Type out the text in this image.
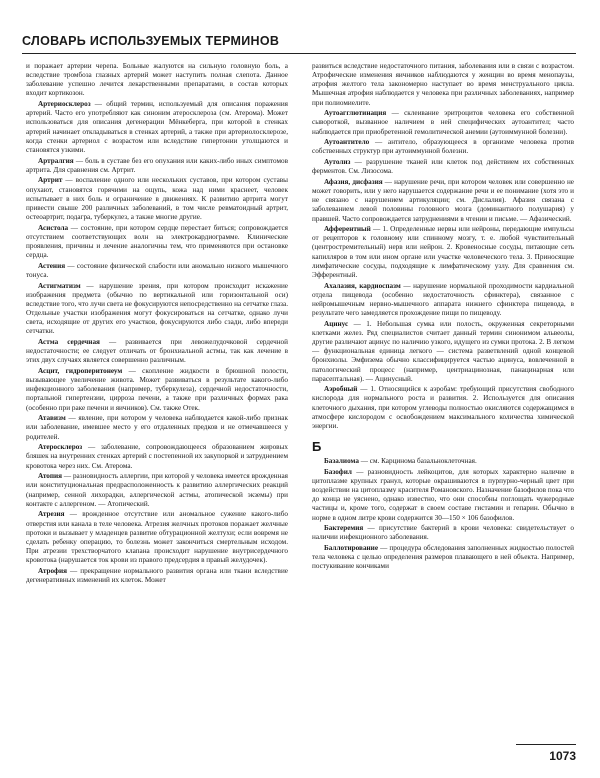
СЛОВАРЬ ИСПОЛЬЗУЕМЫХ ТЕРМИНОВ

и поражает артерии черепа. Больные жалуются на сильную головную боль, а вследствие тромбоза глазных артерий может наступить полная слепота. Данное заболевание успешно лечится лекарственными препаратами, в состав которых входит кортикозон.

Артериосклероз — общий термин, используемый для описания поражения артерий. Часто его употребляют как синоним атеросклероза (см. Атерома). Может использоваться для описания дегенерации Мёнкеберга, при которой в стенках артерий начинает откладываться в стенках артерий, а также при артериолосклерозе, когда стенки артериол с возрастом или вследствие гипертонии утолщаются и становятся узкими.

Артралгия — боль в суставе без его опухания или каких-либо иных симптомов артрита. Для сравнения см. Артрит.

Артрит — воспаление одного или нескольких суставов, при котором суставы опухают, становятся горячими на ощупь, кожа над ними краснеет, человек испытывает в них боль и ограничение в движениях. К развитию артрита могут привести свыше 200 различных заболеваний, в том числе ревматоидный артрит, остеоартрит, подагра, туберкулез, а также многие другие.

Асистола — состояние, при котором сердце перестает биться; сопровождается отсутствием соответствующих волн на электрокардиограмме. Клинические проявления, причины и лечение аналогичны тем, что применяются при остановке сердца.

Астения — состояние физической слабости или аномально низкого мышечного тонуса.

Астигматизм — нарушение зрения, при котором происходит искажение изображения предмета (обычно по вертикальной или горизонтальной оси) вследствие того, что лучи света не фокусируются непосредственно на сетчатке глаза. Отдельные участки изображения могут фокусироваться на сетчатке, однако лучи света, исходящие от других его участков, фокусируются либо сзади, либо впереди сетчатки.

Астма сердечная — развивается при левожелудочковой сердечной недостаточности; ее следует отличать от бронхиальной астмы, так как лечение в этих двух случаях является совершенно различным.

Асцит, гидроперитонеум — скопление жидкости в брюшной полости, вызывающее увеличение живота. Может развиваться в результате какого-либо инфекционного заболевания (например, туберкулеза), сердечной недостаточности, портальной гипертензии, цирроза печени, а также при различных формах рака (особенно при раке печени и яичников). См. также Отек.

Атавизм — явление, при котором у человека наблюдается какой-либо признак или заболевание, имевшее место у его отдаленных предков и не отмечавшееся у родителей.

Атеросклероз — заболевание, сопровождающееся образованием жировых бляшек на внутренних стенках артерий с постепенной их закупоркой и затруднением кровотока через них. См. Атерома.

Атопия — разновидность аллергии, при которой у человека имеется врожденная или конституциональная предрасположенность к развитию аллергических реакций (например, сенной лихорадки, аллергической астмы, атопической экземы) при контакте с аллергеном. — Атопический.

Атрезия — врожденное отсутствие или аномальное сужение какого-либо отверстия или канала в теле человека. Атрезия желчных протоков поражает желчные протоки и вызывает у младенцев развитие обтурационной желтухи; если вовремя не сделать ребенку операцию, то болезнь может закончиться смертельным исходом. При атрезии трехстворчатого клапана происходит нарушение внутрисердечного кровотока (нарушается ток крови из правого предсердия в правый желудочек).

Атрофия — прекращение нормального развития органа или ткани вследствие дегенеративных изменений их клеток. Может

развиться вследствие недостаточного питания, заболевания или в связи с возрастом. Атрофические изменения яичников наблюдаются у женщин во время менопаузы, атрофия желтого тела закономерно наступает во время менструального цикла. Мышечная атрофия наблюдается у человека при различных заболеваниях, например при полиомиелите.

Аутоагглютинация — склеивание эритроцитов человека его собственной сывороткой, вызванное наличием в ней специфических аутоантител; часто наблюдается при приобретенной гемолитической анемии (аутоиммунной болезни).

Аутоантитело — антитело, образующееся в организме человека против собственных структур при аутоиммунной болезни.

Аутолиз — разрушение тканей или клеток под действием их собственных ферментов. См. Лизосома.

Афазия, дисфазия — нарушение речи, при котором человек или совершенно не может говорить, или у него нарушается содержание речи и ее понимание (хотя это и не связано с нарушением артикуляции; см. Дислалия). Афазия связана с заболеванием левой половины головного мозга (доминантного полушария) у правшей. Часто сопровождается затруднениями в чтении и письме. — Афазический.

Афферентный — 1. Определенные нервы или нейроны, передающие импульсы от рецепторов к головному или спинному мозгу, т. е. любой чувствительный (центростремительный) нерв или нейрон. 2. Кровеносные сосуды, питающие сеть капилляров в том или ином органе или участке человеческого тела. 3. Приносящие лимфатические сосуды, подходящие к лимфатическому узлу. Для сравнения см. Эфферентный.

Ахалазия, кардиоспазм — нарушение нормальной проходимости кардиальной отдела пищевода (особенно недостаточность сфинктера), связанное с нейромышечным нервно-мышечного аппарата нижнего сфинктера пищевода, в результате чего замедляется прохождение пищи по пищеводу.

Ацинус — 1. Небольшая сумка или полость, окруженная секреторными клетками желез. Ряд специалистов считает данный термин синонимом альвеолы, другие различают ацинус по наличию узкого, идущего из сумки протока. 2. В легком — функциональная единица легкого — система разветвлений одной концевой бронхиолы. Эмфизема обычно классифицируется частью ацинуса, вовлеченной в патологический процесс (например, центриацинозная, панацинарная или парасептальная). — Ацинусный.

Аэробный — 1. Относящийся к аэробам: требующий присутствия свободного кислорода для нормального роста и развития. 2. Используется для описания клеточного дыхания, при котором углеводы полностью окисляются содержащимся в атмосфере кислородом с освобождением максимального количества химической энергии.

Б

Базалиома — см. Карцинома базальноклеточная.

Базофил — разновидность лейкоцитов, для которых характерно наличие в цитоплазме крупных гранул, которые окрашиваются в пурпурно-черный цвет при воздействии на цитоплазму красителя Романовского. Назначение базофилов пока что до конца не уяснено, однако известно, что они способны поглощать чужеродные частицы и, кроме того, содержат в своем составе гистамин и гепарин. Обычно в норме в одном литре крови содержится 30—150 × 106 базофилов.

Бактеремия — присутствие бактерий в крови человека: свидетельствует о наличии инфекционного заболевания.

Баллотирование — процедура обследования заполненных жидкостью полостей тела человека с целью определения размеров плавающего в ней объекта. Например, постукивание кончиками

1073
